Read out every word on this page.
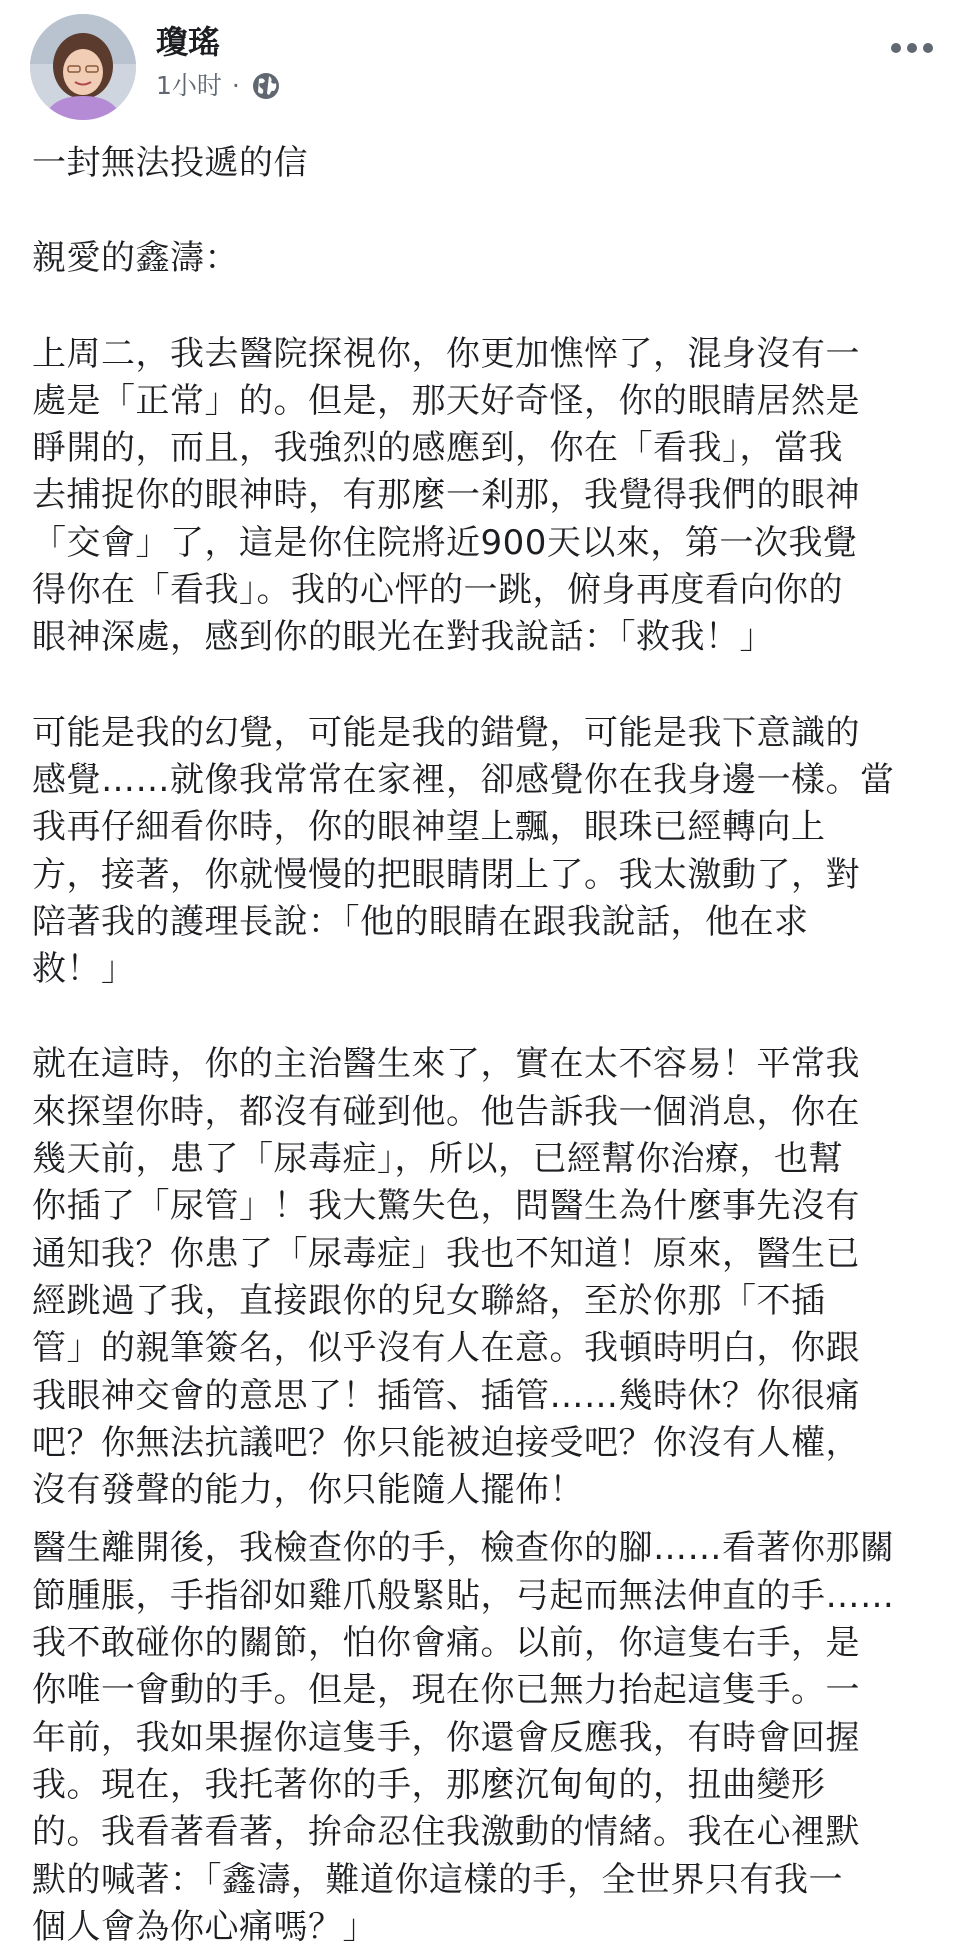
瓊瑤
1小时 ·

一封無法投遞的信

親愛的鑫濤：

上周二，我去醫院探視你，你更加憔悴了，混身沒有一
處是「正常」的。但是，那天好奇怪，你的眼睛居然是
睜開的，而且，我強烈的感應到，你在「看我」，當我
去捕捉你的眼神時，有那麼一剎那，我覺得我們的眼神
「交會」了，這是你住院將近900天以來，第一次我覺
得你在「看我」。我的心怦的一跳，俯身再度看向你的
眼神深處，感到你的眼光在對我說話：「救我！」

可能是我的幻覺，可能是我的錯覺，可能是我下意識的
感覺……就像我常常在家裡，卻感覺你在我身邊一樣。當
我再仔細看你時，你的眼神望上飄，眼珠已經轉向上
方，接著，你就慢慢的把眼睛閉上了。我太激動了，對
陪著我的護理長說：「他的眼睛在跟我說話，他在求
救！」

就在這時，你的主治醫生來了，實在太不容易！平常我
來探望你時，都沒有碰到他。他告訴我一個消息，你在
幾天前，患了「尿毒症」，所以，已經幫你治療，也幫
你插了「尿管」！我大驚失色，問醫生為什麼事先沒有
通知我？你患了「尿毒症」我也不知道！原來，醫生已
經跳過了我，直接跟你的兒女聯絡，至於你那「不插
管」的親筆簽名，似乎沒有人在意。我頓時明白，你跟
我眼神交會的意思了！插管、插管……幾時休？你很痛
吧？你無法抗議吧？你只能被迫接受吧？你沒有人權，
沒有發聲的能力，你只能隨人擺佈！

醫生離開後，我檢查你的手，檢查你的腳……看著你那關
節腫脹，手指卻如雞爪般緊貼，弓起而無法伸直的手……
我不敢碰你的關節，怕你會痛。以前，你這隻右手，是
你唯一會動的手。但是，現在你已無力抬起這隻手。一
年前，我如果握你這隻手，你還會反應我，有時會回握
我。現在，我托著你的手，那麼沉甸甸的，扭曲變形
的。我看著看著，拚命忍住我激動的情緒。我在心裡默
默的喊著：「鑫濤，難道你這樣的手，全世界只有我一
個人會為你心痛嗎？」
